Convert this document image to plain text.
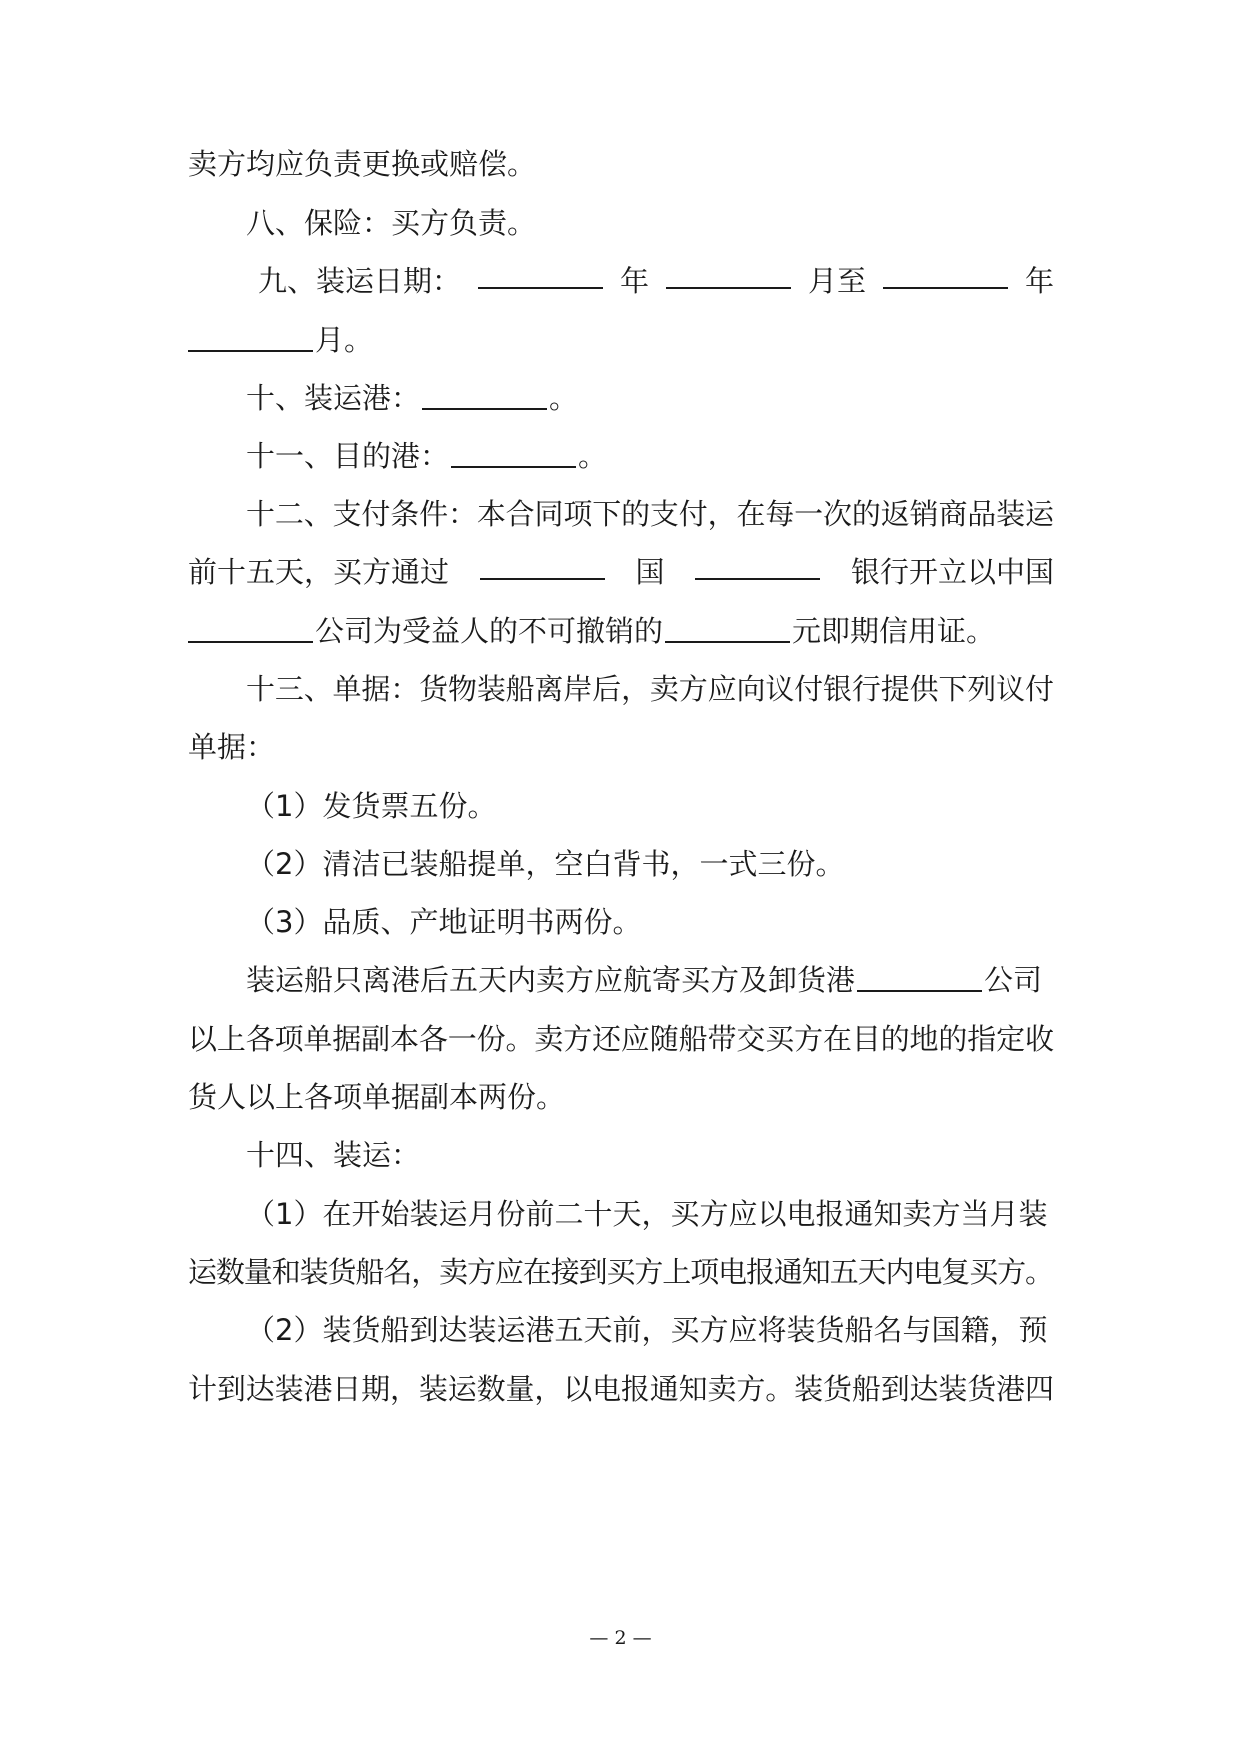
卖方均应负责更换或赔偿。
八、保险：买方负责。
九、装运日期：	年	月至	年
月。
十、装运港：	。
十一、目的港：	。
十二、支付条件：本合同项下的支付，在每一次的返销商品装运
前十五天，买方通过	国	银行开立以中国
公司为受益人的不可撤销的	元即期信用证。
十三、单据：货物装船离岸后，卖方应向议付银行提供下列议付
单据：
（1）发货票五份。
（2）清洁已装船提单，空白背书，一式三份。
（3）品质、产地证明书两份。
装运船只离港后五天内卖方应航寄买方及卸货港	公司
以上各项单据副本各一份。卖方还应随船带交买方在目的地的指定收
货人以上各项单据副本两份。
十四、装运：
（1）在开始装运月份前二十天，买方应以电报通知卖方当月装
运数量和装货船名，卖方应在接到买方上项电报通知五天内电复买方。
（2）装货船到达装运港五天前，买方应将装货船名与国籍，预
计到达装港日期，装运数量，以电报通知卖方。装货船到达装货港四
— 2 —
